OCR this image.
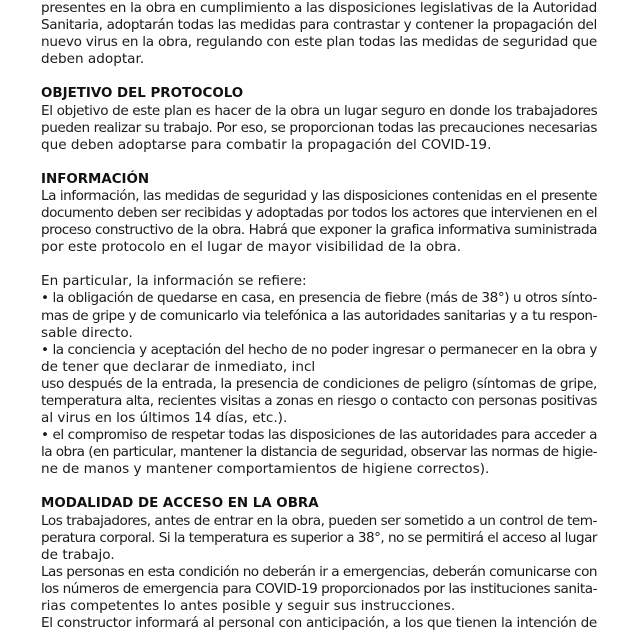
presentes en la obra en cumplimiento a las disposiciones legislativas de la Autoridad
Sanitaria, adoptarán todas las medidas para contrastar y contener la propagación del
nuevo virus en la obra, regulando con este plan todas las medidas de seguridad que
deben adoptar.
OBJETIVO DEL PROTOCOLO
El objetivo de este plan es hacer de la obra un lugar seguro en donde los trabajadores
pueden realizar su trabajo. Por eso, se proporcionan todas las precauciones necesarias
que deben adoptarse para combatir la propagación del COVID-19.
INFORMACIÓN
La información, las medidas de seguridad y las disposiciones contenidas en el presente
documento deben ser recibidas y adoptadas por todos los actores que intervienen en el
proceso constructivo de la obra. Habrá que exponer la grafica informativa suministrada
por este protocolo en el lugar de mayor visibilidad de la obra.
En particular, la información se refiere:
• la obligación de quedarse en casa, en presencia de fiebre (más de 38°) u otros sínto-
mas de gripe y de comunicarlo via telefónica a las autoridades sanitarias y a tu respon-
sable directo.
• la conciencia y aceptación del hecho de no poder ingresar o permanecer en la obra y
de tener que declarar de inmediato, incl
uso después de la entrada, la presencia de condiciones de peligro (síntomas de gripe,
temperatura alta, recientes visitas a zonas en riesgo o contacto con personas positivas
al virus en los últimos 14 días, etc.).
• el compromiso de respetar todas las disposiciones de las autoridades para acceder a
la obra (en particular, mantener la distancia de seguridad, observar las normas de higie-
ne de manos y mantener comportamientos de higiene correctos).
MODALIDAD DE ACCESO EN LA OBRA
Los trabajadores, antes de entrar en la obra, pueden ser sometido a un control de tem-
peratura corporal. Si la temperatura es superior a 38°, no se permitirá el acceso al lugar
de trabajo.
Las personas en esta condición no deberán ir a emergencias, deberán comunicarse con
los números de emergencia para COVID-19 proporcionados por las instituciones sanita-
rias competentes lo antes posible y seguir sus instrucciones.
El constructor informará al personal con anticipación, a los que tienen la intención de
